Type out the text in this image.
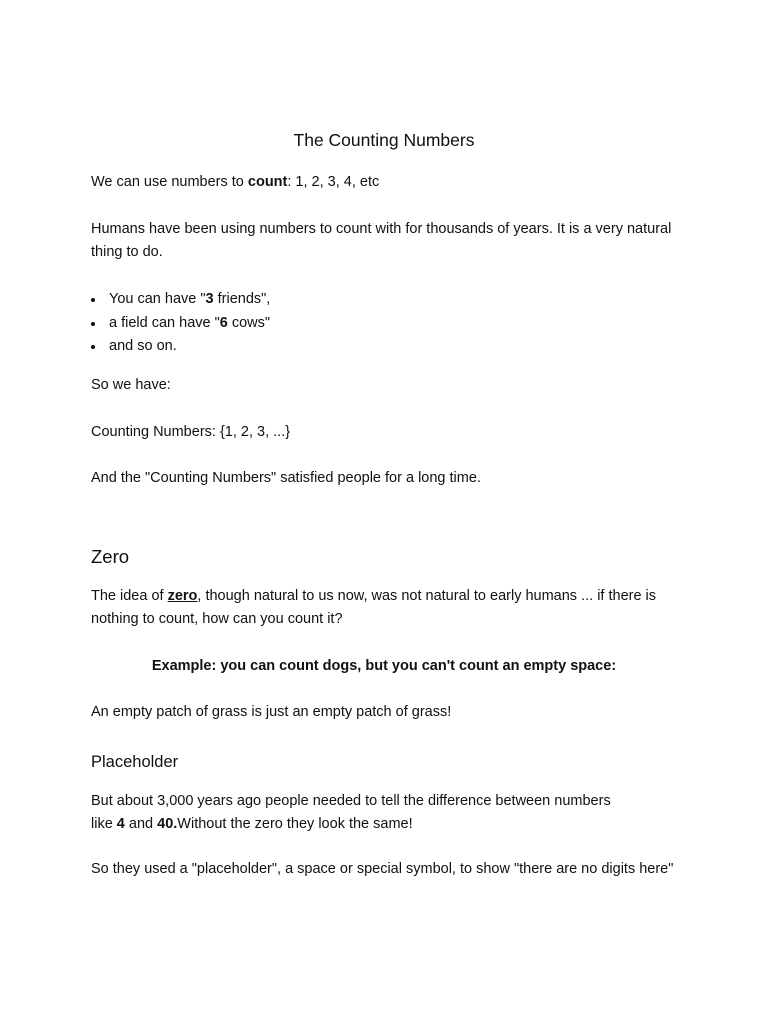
The Counting Numbers

We can use numbers to count: 1, 2, 3, 4, etc

Humans have been using numbers to count with for thousands of years. It is a very natural thing to do.

You can have "3 friends",
a field can have "6 cows"
and so on.

So we have:

Counting Numbers: {1, 2, 3, ...}

And the "Counting Numbers" satisfied people for a long time.

Zero

The idea of zero, though natural to us now, was not natural to early humans ... if there is nothing to count, how can you count it?

Example: you can count dogs, but you can't count an empty space:

An empty patch of grass is just an empty patch of grass!

Placeholder

But about 3,000 years ago people needed to tell the difference between numbers
like 4 and 40.Without the zero they look the same!

So they used a "placeholder", a space or special symbol, to show "there are no digits here"
